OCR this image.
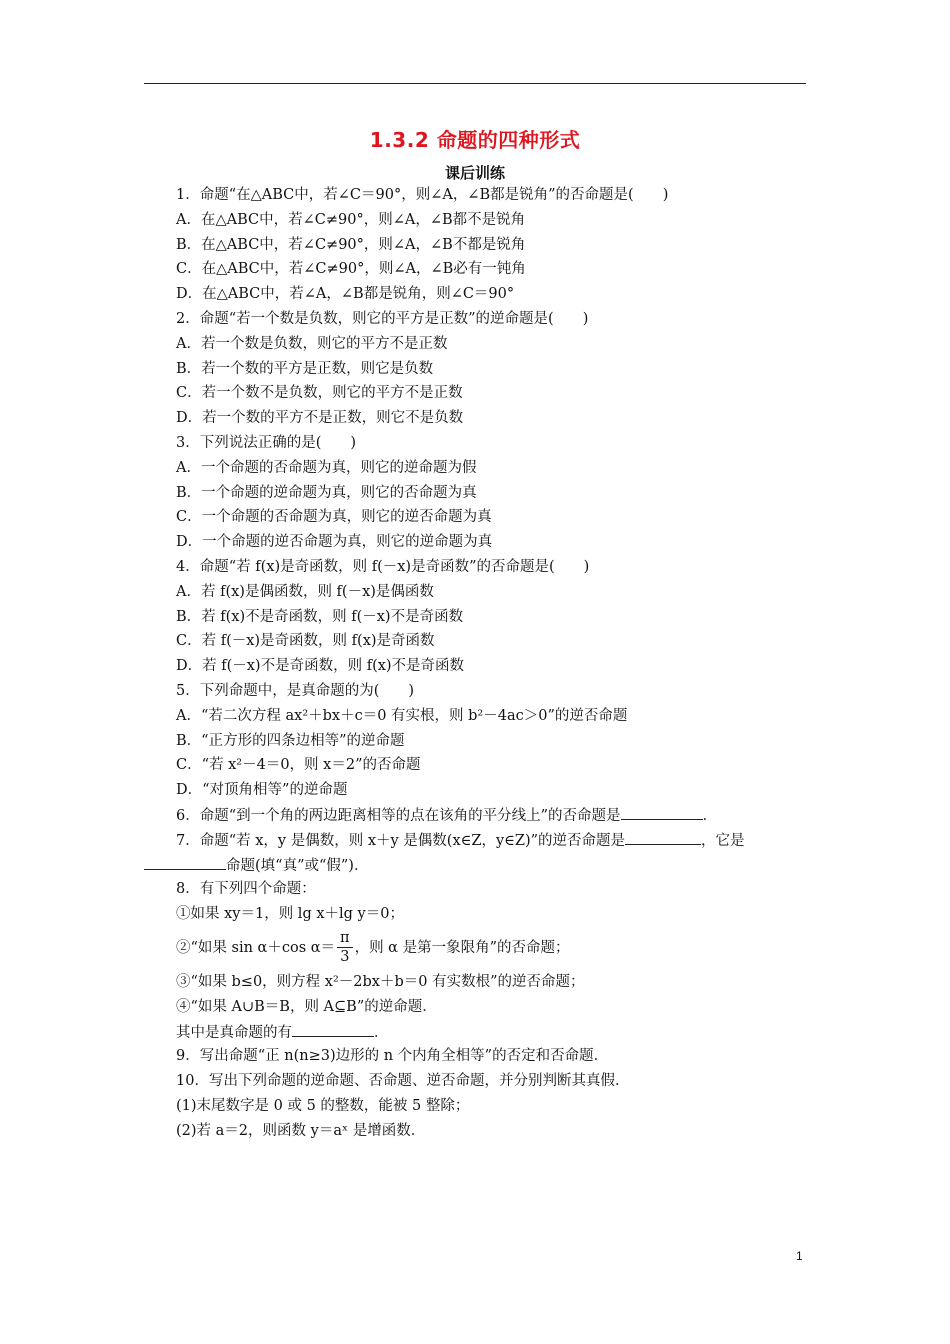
1.3.2 命题的四种形式
课后训练
1．命题“在△ABC中，若∠C＝90°，则∠A，∠B都是锐角”的否命题是(　　)
A．在△ABC中，若∠C≠90°，则∠A，∠B都不是锐角
B．在△ABC中，若∠C≠90°，则∠A，∠B不都是锐角
C．在△ABC中，若∠C≠90°，则∠A，∠B必有一钝角
D．在△ABC中，若∠A，∠B都是锐角，则∠C＝90°
2．命题“若一个数是负数，则它的平方是正数”的逆命题是(　　)
A．若一个数是负数，则它的平方不是正数
B．若一个数的平方是正数，则它是负数
C．若一个数不是负数，则它的平方不是正数
D．若一个数的平方不是正数，则它不是负数
3．下列说法正确的是(　　)
A．一个命题的否命题为真，则它的逆命题为假
B．一个命题的逆命题为真，则它的否命题为真
C．一个命题的否命题为真，则它的逆否命题为真
D．一个命题的逆否命题为真，则它的逆命题为真
4．命题“若 f(x)是奇函数，则 f(－x)是奇函数”的否命题是(　　)
A．若 f(x)是偶函数，则 f(－x)是偶函数
B．若 f(x)不是奇函数，则 f(－x)不是奇函数
C．若 f(－x)是奇函数，则 f(x)是奇函数
D．若 f(－x)不是奇函数，则 f(x)不是奇函数
5．下列命题中，是真命题的为(　　)
A．“若二次方程 ax²＋bx＋c＝0 有实根，则 b²－4ac＞0”的逆否命题
B．“正方形的四条边相等”的逆命题
C．“若 x²－4＝0，则 x＝2”的否命题
D．“对顶角相等”的逆命题
6．命题“到一个角的两边距离相等的点在该角的平分线上”的否命题是	．
7．命题“若 x，y 是偶数，则 x＋y 是偶数(x∈Z，y∈Z)”的逆否命题是	，它是
命题(填“真”或“假”)．
8．有下列四个命题：
①如果 xy＝1，则 lg x＋lg y＝0；
②“如果 sin α＋cos $\alpha= \frac{\pi}{3}$ ，则 α 是第一象限角”的否命题；
③“如果 b≤0，则方程 x²－2bx＋b＝0 有实数根”的逆否命题；
④“如果 A∪B＝B，则 A⊆B”的逆命题．
其中是真命题的有	．
9．写出命题“正 n(n≥3)边形的 n 个内角全相等”的否定和否命题．
10．写出下列命题的逆命题、否命题、逆否命题，并分别判断其真假．
(1)末尾数字是 0 或 5 的整数，能被 5 整除；
(2)若 a＝2，则函数 y＝aˣ 是增函数．
1
